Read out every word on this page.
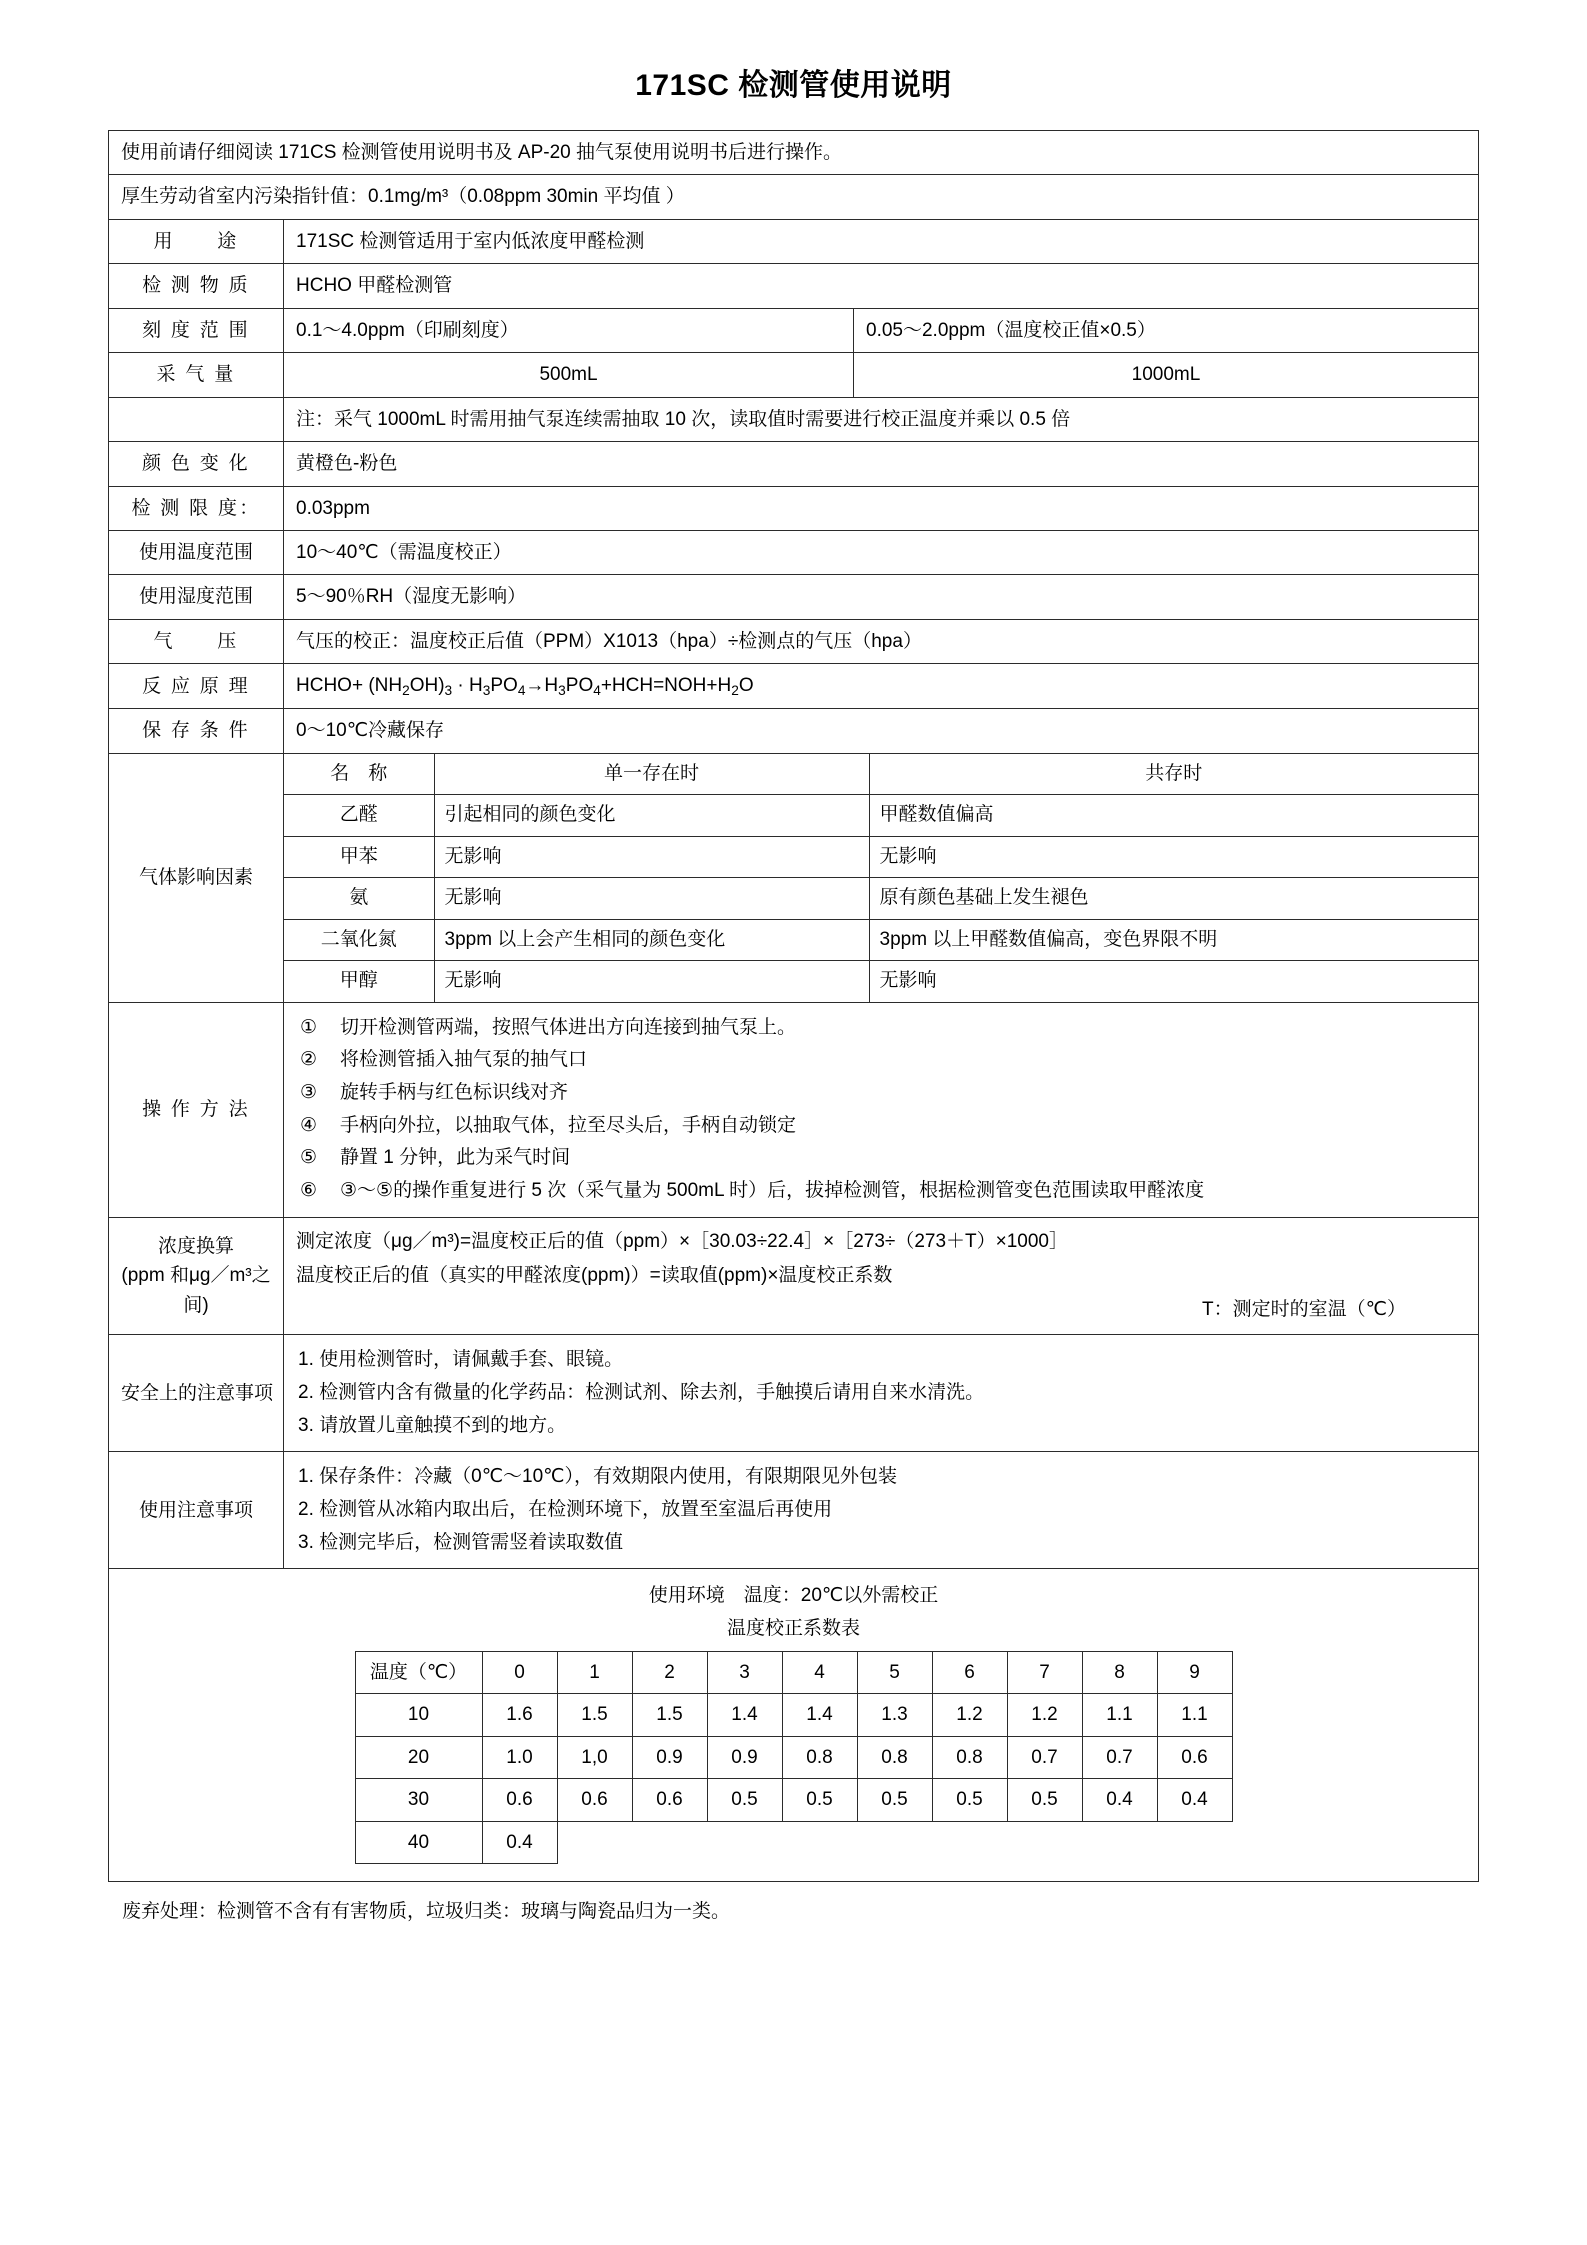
171SC 检测管使用说明
使用前请仔细阅读 171CS 检测管使用说明书及 AP-20 抽气泵使用说明书后进行操作。
厚生劳动省室内污染指针值：0.1mg/m³（0.08ppm 30min 平均值 ）
用　　途	171SC 检测管适用于室内低浓度甲醛检测
检 测 物 质	HCHO 甲醛检测管
刻 度 范 围	0.1～4.0ppm（印刷刻度）	0.05～2.0ppm（温度校正值×0.5）
采 气 量	500mL	1000mL
	注：采气 1000mL 时需用抽气泵连续需抽取 10 次，读取值时需要进行校正温度并乘以 0.5 倍
颜 色 变 化	黄橙色-粉色
检 测 限 度：	0.03ppm
使用温度范围	10～40℃（需温度校正）
使用湿度范围	5～90％RH（湿度无影响）
气　　压	气压的校正：温度校正后值（PPM）X1013（hpa）÷检测点的气压（hpa）
反 应 原 理	HCHO+ $(NH_2OH)_3 \cdot H_3PO_4\to H_3PO_4+HCH=NOH+H_2O$
保 存 条 件	0～10℃冷藏保存
气体影响因素	
名　称	单一存在时	共存时
乙醛	引起相同的颜色变化	甲醛数值偏高
甲苯	无影响	无影响
氨	无影响	原有颜色基础上发生褪色
二氧化氮	3ppm 以上会产生相同的颜色变化	3ppm 以上甲醛数值偏高，变色界限不明
甲醇	无影响	无影响

操 作 方 法	
① 切开检测管两端，按照气体进出方向连接到抽气泵上。
② 将检测管插入抽气泵的抽气口
③ 旋转手柄与红色标识线对齐
④ 手柄向外拉，以抽取气体，拉至尽头后，手柄自动锁定
⑤ 静置 1 分钟，此为采气时间
⑥ ③～⑤的操作重复进行 5 次（采气量为 500mL 时）后，拔掉检测管，根据检测管变色范围读取甲醛浓度

浓度换算
(ppm 和μg／m³之
间)

测定浓度（μg／m³)=温度校正后的值（ppm）×［30.03÷22.4］×［273÷（273＋T）×1000］
温度校正后的值（真实的甲醛浓度(ppm)）=读取值(ppm)×温度校正系数
T：测定时的室温（℃）

安全上的注意事项	
1. 使用检测管时，请佩戴手套、眼镜。
2. 检测管内含有微量的化学药品：检测试剂、除去剂，手触摸后请用自来水清洗。
3. 请放置儿童触摸不到的地方。

使用注意事项	
1. 保存条件：冷藏（0℃～10℃），有效期限内使用，有限期限见外包装
2. 检测管从冰箱内取出后，在检测环境下，放置至室温后再使用
3. 检测完毕后，检测管需竖着读取数值

使用环境　温度：20℃以外需校正
温度校正系数表
温度（℃）	0	1	2	3	4	5	6	7	8	9
10	1.6	1.5	1.5	1.4	1.4	1.3	1.2	1.2	1.1	1.1
20	1.0	1,0	0.9	0.9	0.8	0.8	0.8	0.7	0.7	0.6
30	0.6	0.6	0.6	0.5	0.5	0.5	0.5	0.5	0.4	0.4
40	0.4									
废弃处理：检测管不含有有害物质，垃圾归类：玻璃与陶瓷品归为一类。
